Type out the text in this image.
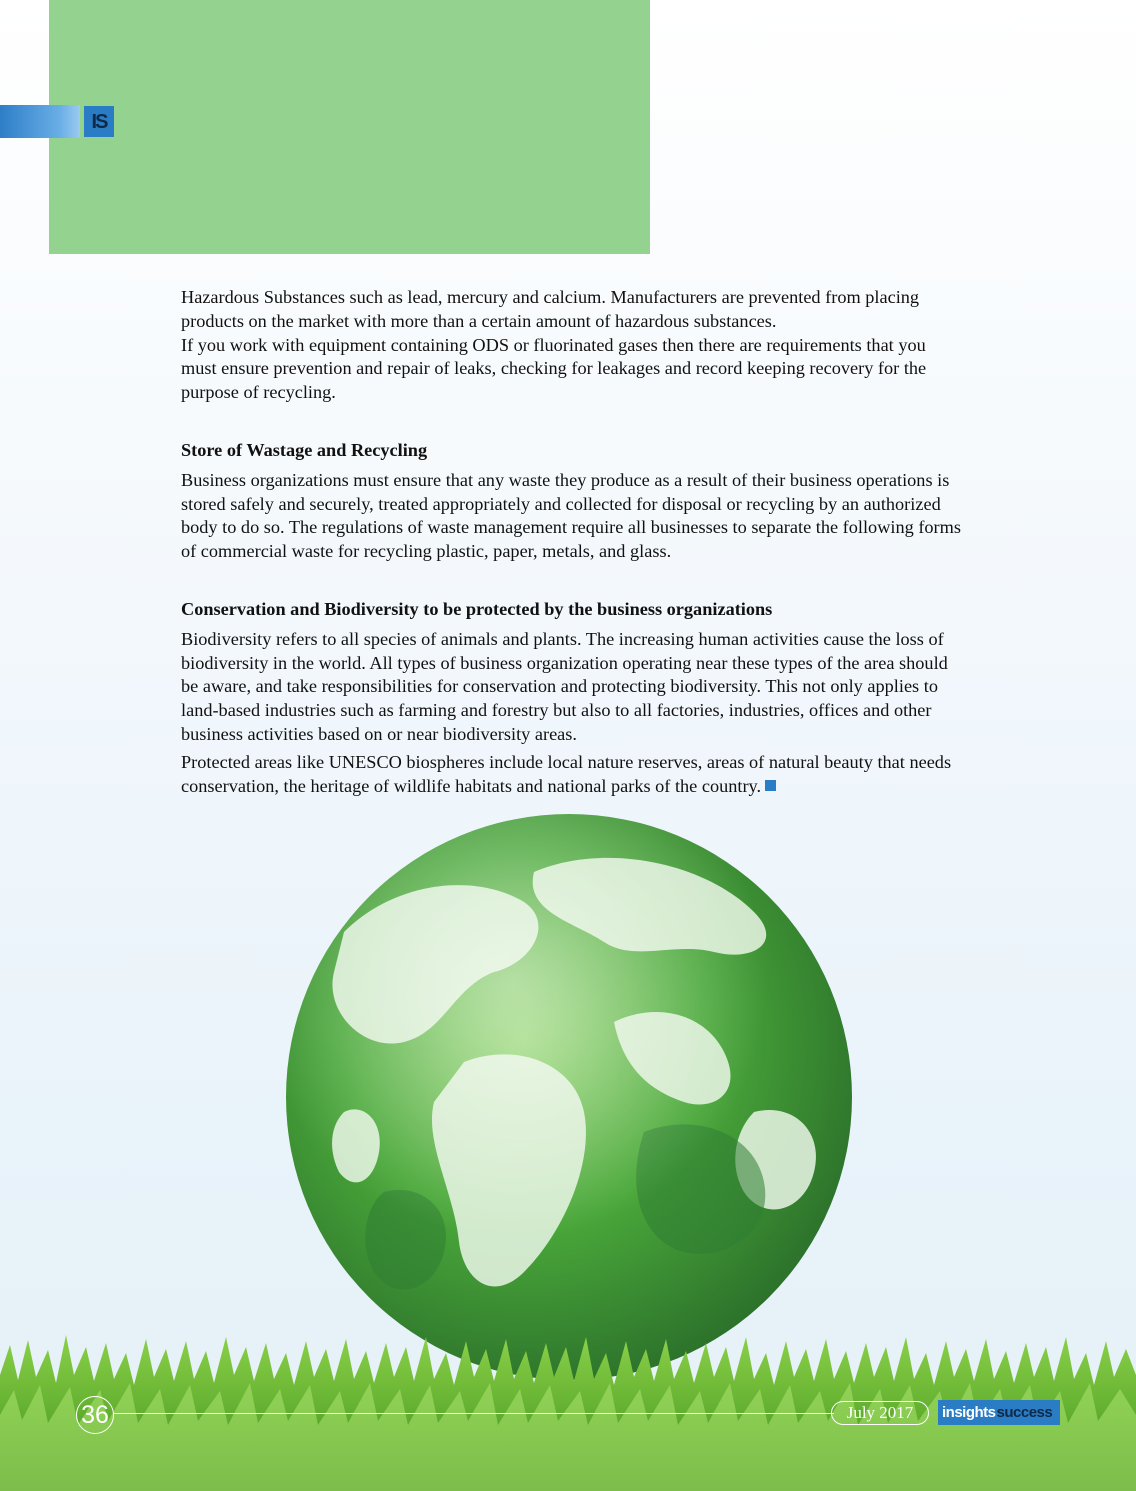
IS

Hazardous Substances such as lead, mercury and calcium. Manufacturers are prevented from placing products on the market with more than a certain amount of hazardous substances.

If you work with equipment containing ODS or fluorinated gases then there are requirements that you must ensure prevention and repair of leaks, checking for leakages and record keeping recovery for the purpose of recycling.

Store of Wastage and Recycling

Business organizations must ensure that any waste they produce as a result of their business operations is stored safely and securely, treated appropriately and collected for disposal or recycling by an authorized body to do so. The regulations of waste management require all businesses to separate the following forms of commercial waste for recycling plastic, paper, metals, and glass.

Conservation and Biodiversity to be protected by the business organizations

Biodiversity refers to all species of animals and plants. The increasing human activities cause the loss of biodiversity in the world. All types of business organization operating near these types of the area should be aware, and take responsibilities for conservation and protecting biodiversity. This not only applies to land-based industries such as farming and forestry but also to all factories, industries, offices and other business activities based on or near biodiversity areas.

Protected areas like UNESCO biospheres include local nature reserves, areas of natural beauty that needs conservation, the heritage of wildlife habitats and national parks of the country.

36	July 2017	insights success
